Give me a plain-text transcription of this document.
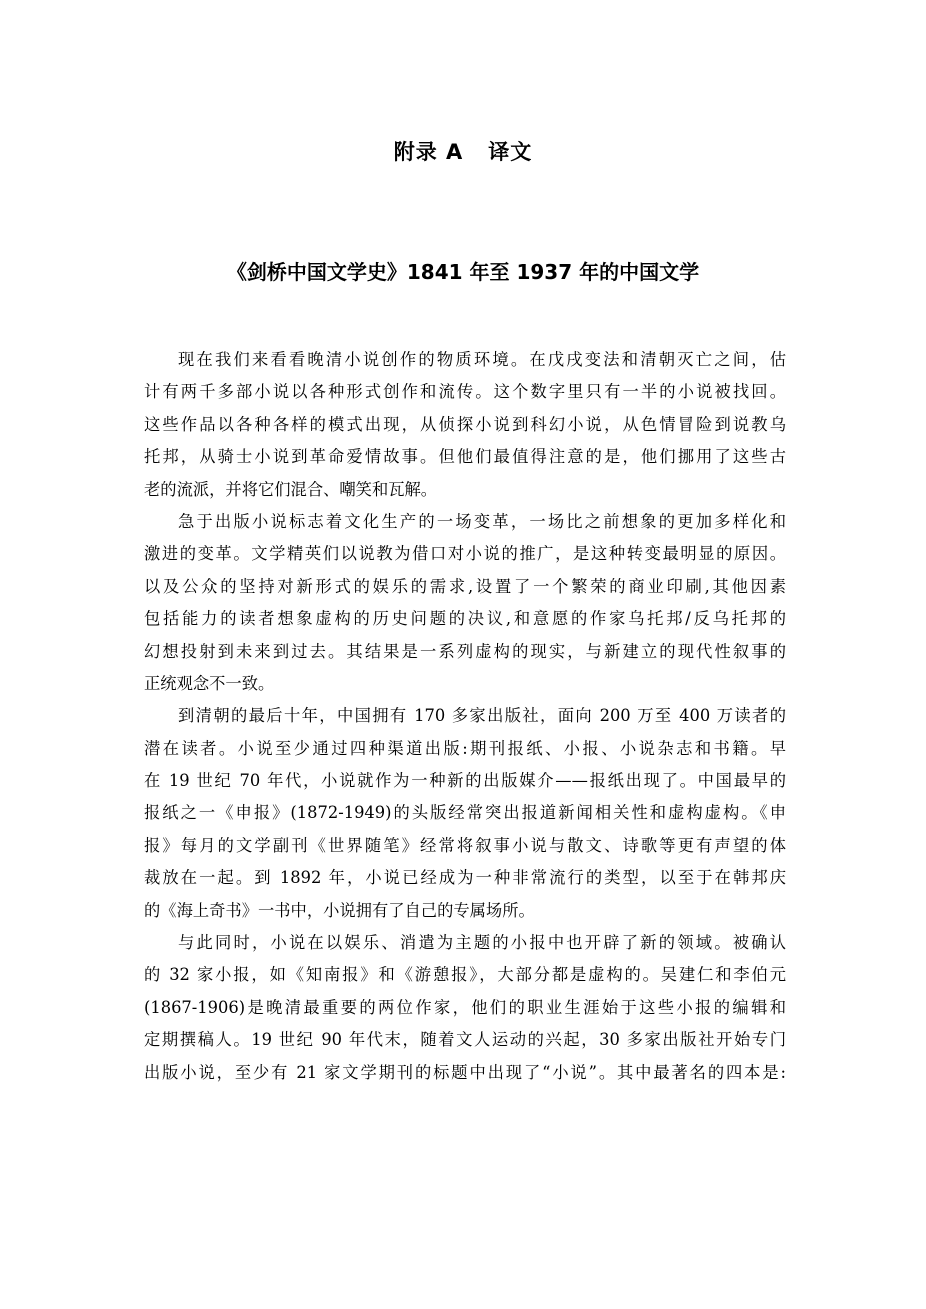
附录 A   译文
《剑桥中国文学史》1841 年至 1937 年的中国文学
现在我们来看看晚清小说创作的物质环境。在戊戌变法和清朝灭亡之间，估
计有两千多部小说以各种形式创作和流传。这个数字里只有一半的小说被找回。
这些作品以各种各样的模式出现，从侦探小说到科幻小说，从色情冒险到说教乌
托邦，从骑士小说到革命爱情故事。但他们最值得注意的是，他们挪用了这些古
老的流派，并将它们混合、嘲笑和瓦解。
急于出版小说标志着文化生产的一场变革，一场比之前想象的更加多样化和
激进的变革。文学精英们以说教为借口对小说的推广，是这种转变最明显的原因。
以及公众的坚持对新形式的娱乐的需求,设置了一个繁荣的商业印刷,其他因素
包括能力的读者想象虚构的历史问题的决议,和意愿的作家乌托邦/反乌托邦的
幻想投射到未来到过去。其结果是一系列虚构的现实，与新建立的现代性叙事的
正统观念不一致。
到清朝的最后十年，中国拥有 170 多家出版社，面向 200 万至 400 万读者的
潜在读者。小说至少通过四种渠道出版:期刊报纸、小报、小说杂志和书籍。早
在 19 世纪 70 年代，小说就作为一种新的出版媒介——报纸出现了。中国最早的
报纸之一《申报》(1872-1949)的头版经常突出报道新闻相关性和虚构虚构。《申
报》每月的文学副刊《世界随笔》经常将叙事小说与散文、诗歌等更有声望的体
裁放在一起。到 1892 年，小说已经成为一种非常流行的类型，以至于在韩邦庆
的《海上奇书》一书中，小说拥有了自己的专属场所。
与此同时，小说在以娱乐、消遣为主题的小报中也开辟了新的领域。被确认
的 32 家小报，如《知南报》和《游憩报》，大部分都是虚构的。吴建仁和李伯元
(1867-1906)是晚清最重要的两位作家，他们的职业生涯始于这些小报的编辑和
定期撰稿人。19 世纪 90 年代末，随着文人运动的兴起，30 多家出版社开始专门
出版小说，至少有 21 家文学期刊的标题中出现了“小说”。其中最著名的四本是:
